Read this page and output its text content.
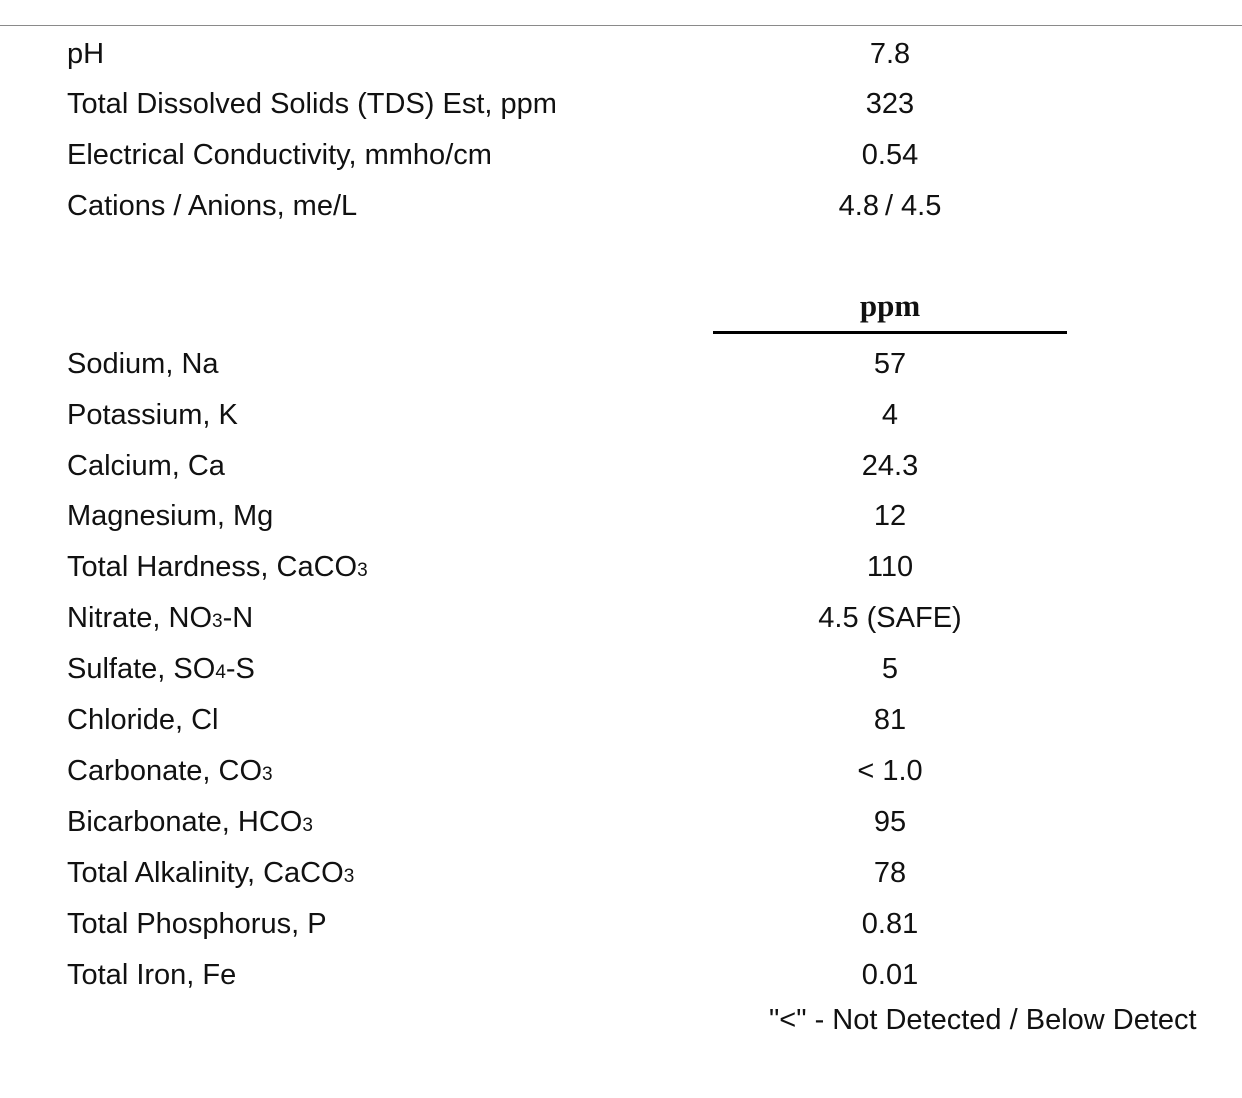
pH	7.8
Total Dissolved Solids (TDS) Est, ppm	323
Electrical Conductivity, mmho/cm	0.54
Cations / Anions, me/L	4.8 / 4.5
ppm
Sodium, Na	57
Potassium, K	4
Calcium, Ca	24.3
Magnesium, Mg	12
Total Hardness, CaCO3	110
Nitrate, NO3-N	4.5 (SAFE)
Sulfate, SO4-S	5
Chloride, Cl	81
Carbonate, CO3	< 1.0
Bicarbonate, HCO3	95
Total Alkalinity, CaCO3	78
Total Phosphorus, P	0.81
Total Iron, Fe	0.01
"<" - Not Detected / Below Detect
